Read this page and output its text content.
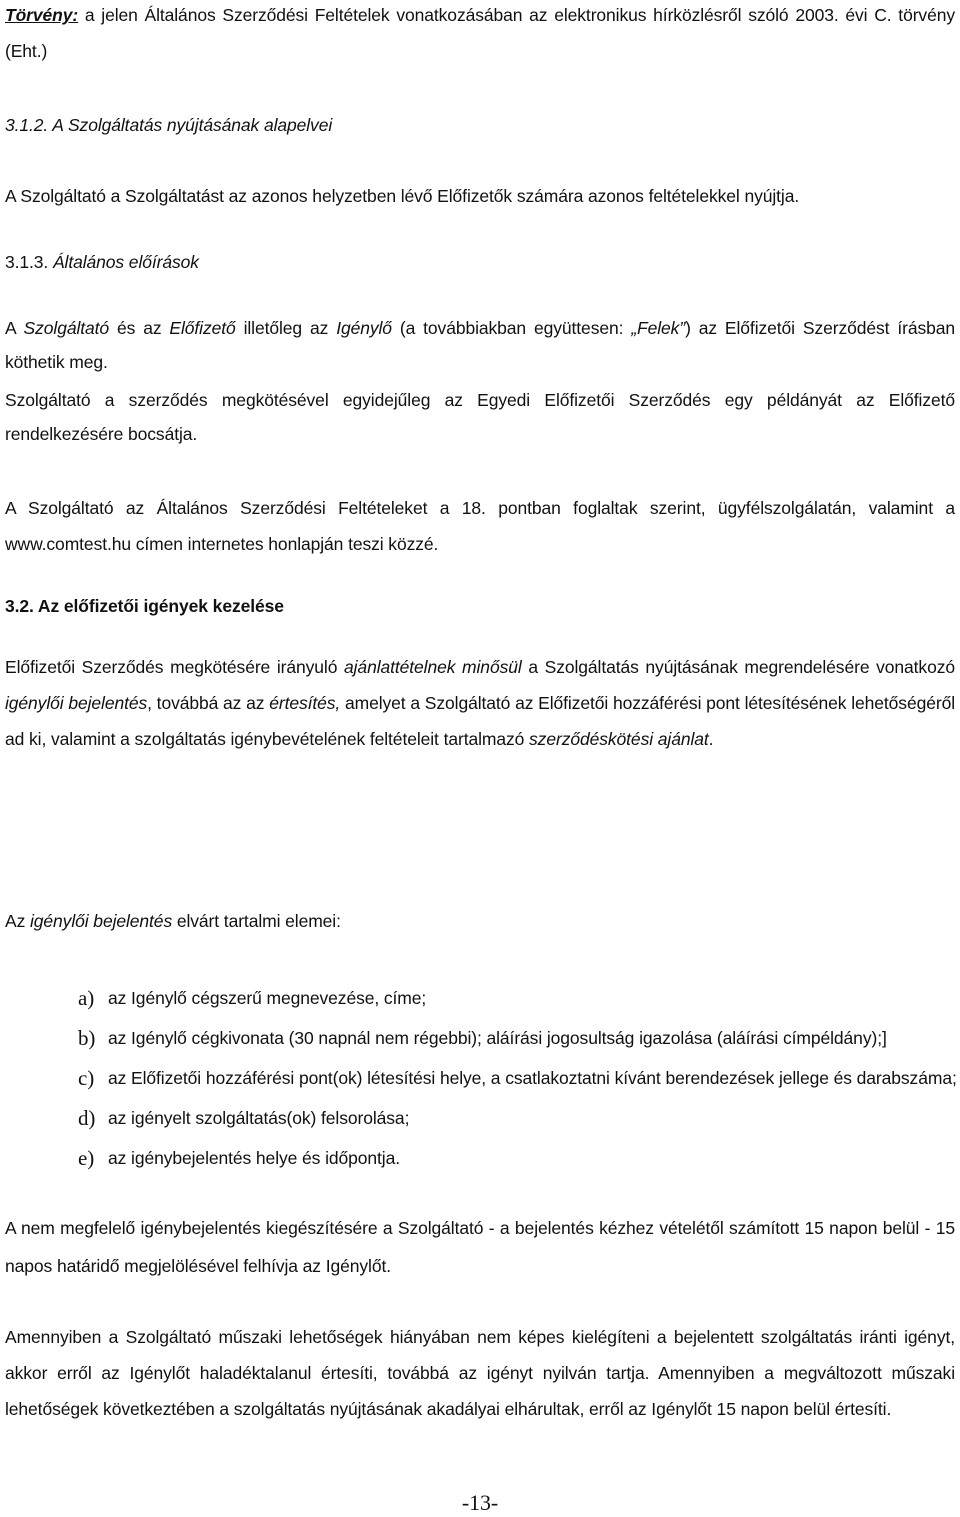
Törvény: a jelen Általános Szerződési Feltételek vonatkozásában az elektronikus hírközlésről szóló 2003. évi C. törvény (Eht.)

3.1.2. A Szolgáltatás nyújtásának alapelvei

A Szolgáltató a Szolgáltatást az azonos helyzetben lévő Előfizetők számára azonos feltételekkel nyújtja.

3.1.3. Általános előírások

A Szolgáltató és az Előfizető illetőleg az Igénylő (a továbbiakban együttesen: „Felek”) az Előfizetői Szerződést írásban köthetik meg.

Szolgáltató a szerződés megkötésével egyidejűleg az Egyedi Előfizetői Szerződés egy példányát az Előfizető rendelkezésére bocsátja.

A Szolgáltató az Általános Szerződési Feltételeket a 18. pontban foglaltak szerint, ügyfélszolgálatán, valamint a www.comtest.hu címen internetes honlapján teszi közzé.

3.2. Az előfizetői igények kezelése

Előfizetői Szerződés megkötésére irányuló ajánlattételnek minősül a Szolgáltatás nyújtásának megrendelésére vonatkozó igénylői bejelentés, továbbá az az értesítés, amelyet a Szolgáltató az Előfizetői hozzáférési pont létesítésének lehetőségéről ad ki, valamint a szolgáltatás igénybevételének feltételeit tartalmazó szerződéskötési ajánlat.

Az igénylői bejelentés elvárt tartalmi elemei:

a) az Igénylő cégszerű megnevezése, címe;
b) az Igénylő cégkivonata (30 napnál nem régebbi); aláírási jogosultság igazolása (aláírási címpéldány);]
c) az Előfizetői hozzáférési pont(ok) létesítési helye, a csatlakoztatni kívánt berendezések jellege és darabszáma;
d) az igényelt szolgáltatás(ok) felsorolása;
e) az igénybejelentés helye és időpontja.

A nem megfelelő igénybejelentés kiegészítésére a Szolgáltató - a bejelentés kézhez vételétől számított 15 napon belül - 15 napos határidő megjelölésével felhívja az Igénylőt.

Amennyiben a Szolgáltató műszaki lehetőségek hiányában nem képes kielégíteni a bejelentett szolgáltatás iránti igényt, akkor erről az Igénylőt haladéktalanul értesíti, továbbá az igényt nyilván tartja. Amennyiben a megváltozott műszaki lehetőségek következtében a szolgáltatás nyújtásának akadályai elhárultak, erről az Igénylőt 15 napon belül értesíti.

-13-
